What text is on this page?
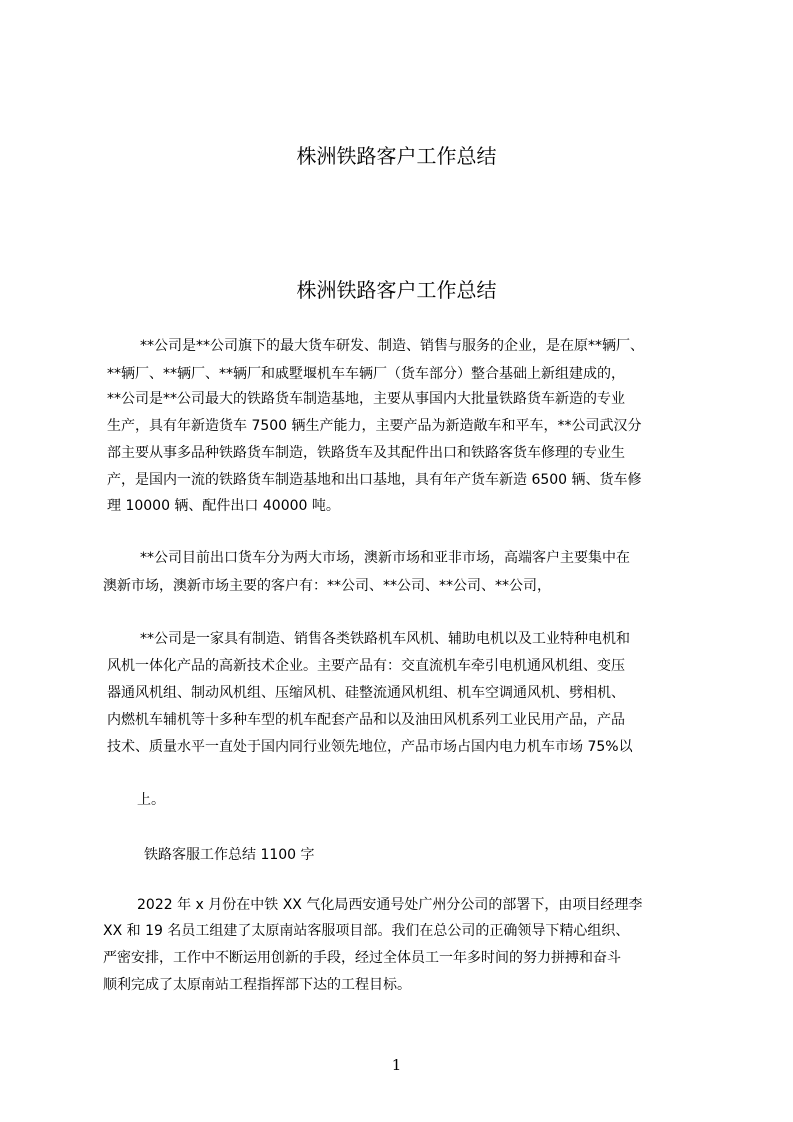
株洲铁路客户工作总结
株洲铁路客户工作总结
**公司是**公司旗下的最大货车研发、制造、销售与服务的企业，是在原**辆厂、
**辆厂、**辆厂、**辆厂和戚墅堰机车车辆厂（货车部分）整合基础上新组建成的，
**公司是**公司最大的铁路货车制造基地，主要从事国内大批量铁路货车新造的专业
生产，具有年新造货车 7500 辆生产能力，主要产品为新造敞车和平车，**公司武汉分
部主要从事多品种铁路货车制造，铁路货车及其配件出口和铁路客货车修理的专业生
产，是国内一流的铁路货车制造基地和出口基地，具有年产货车新造 6500 辆、货车修
理 10000 辆、配件出口 40000 吨。
**公司目前出口货车分为两大市场，澳新市场和亚非市场，高端客户主要集中在
澳新市场，澳新市场主要的客户有：**公司、**公司、**公司、**公司，
**公司是一家具有制造、销售各类铁路机车风机、辅助电机以及工业特种电机和
风机一体化产品的高新技术企业。主要产品有：交直流机车牵引电机通风机组、变压
器通风机组、制动风机组、压缩风机、硅整流通风机组、机车空调通风机、劈相机、
内燃机车辅机等十多种车型的机车配套产品和以及油田风机系列工业民用产品，产品
技术、质量水平一直处于国内同行业领先地位，产品市场占国内电力机车市场 75%以
上。
铁路客服工作总结 1100 字
2022 年 x 月份在中铁 XX 气化局西安通号处广州分公司的部署下，由项目经理李
XX 和 19 名员工组建了太原南站客服项目部。我们在总公司的正确领导下精心组织、
严密安排，工作中不断运用创新的手段，经过全体员工一年多时间的努力拼搏和奋斗
顺利完成了太原南站工程指挥部下达的工程目标。
1
